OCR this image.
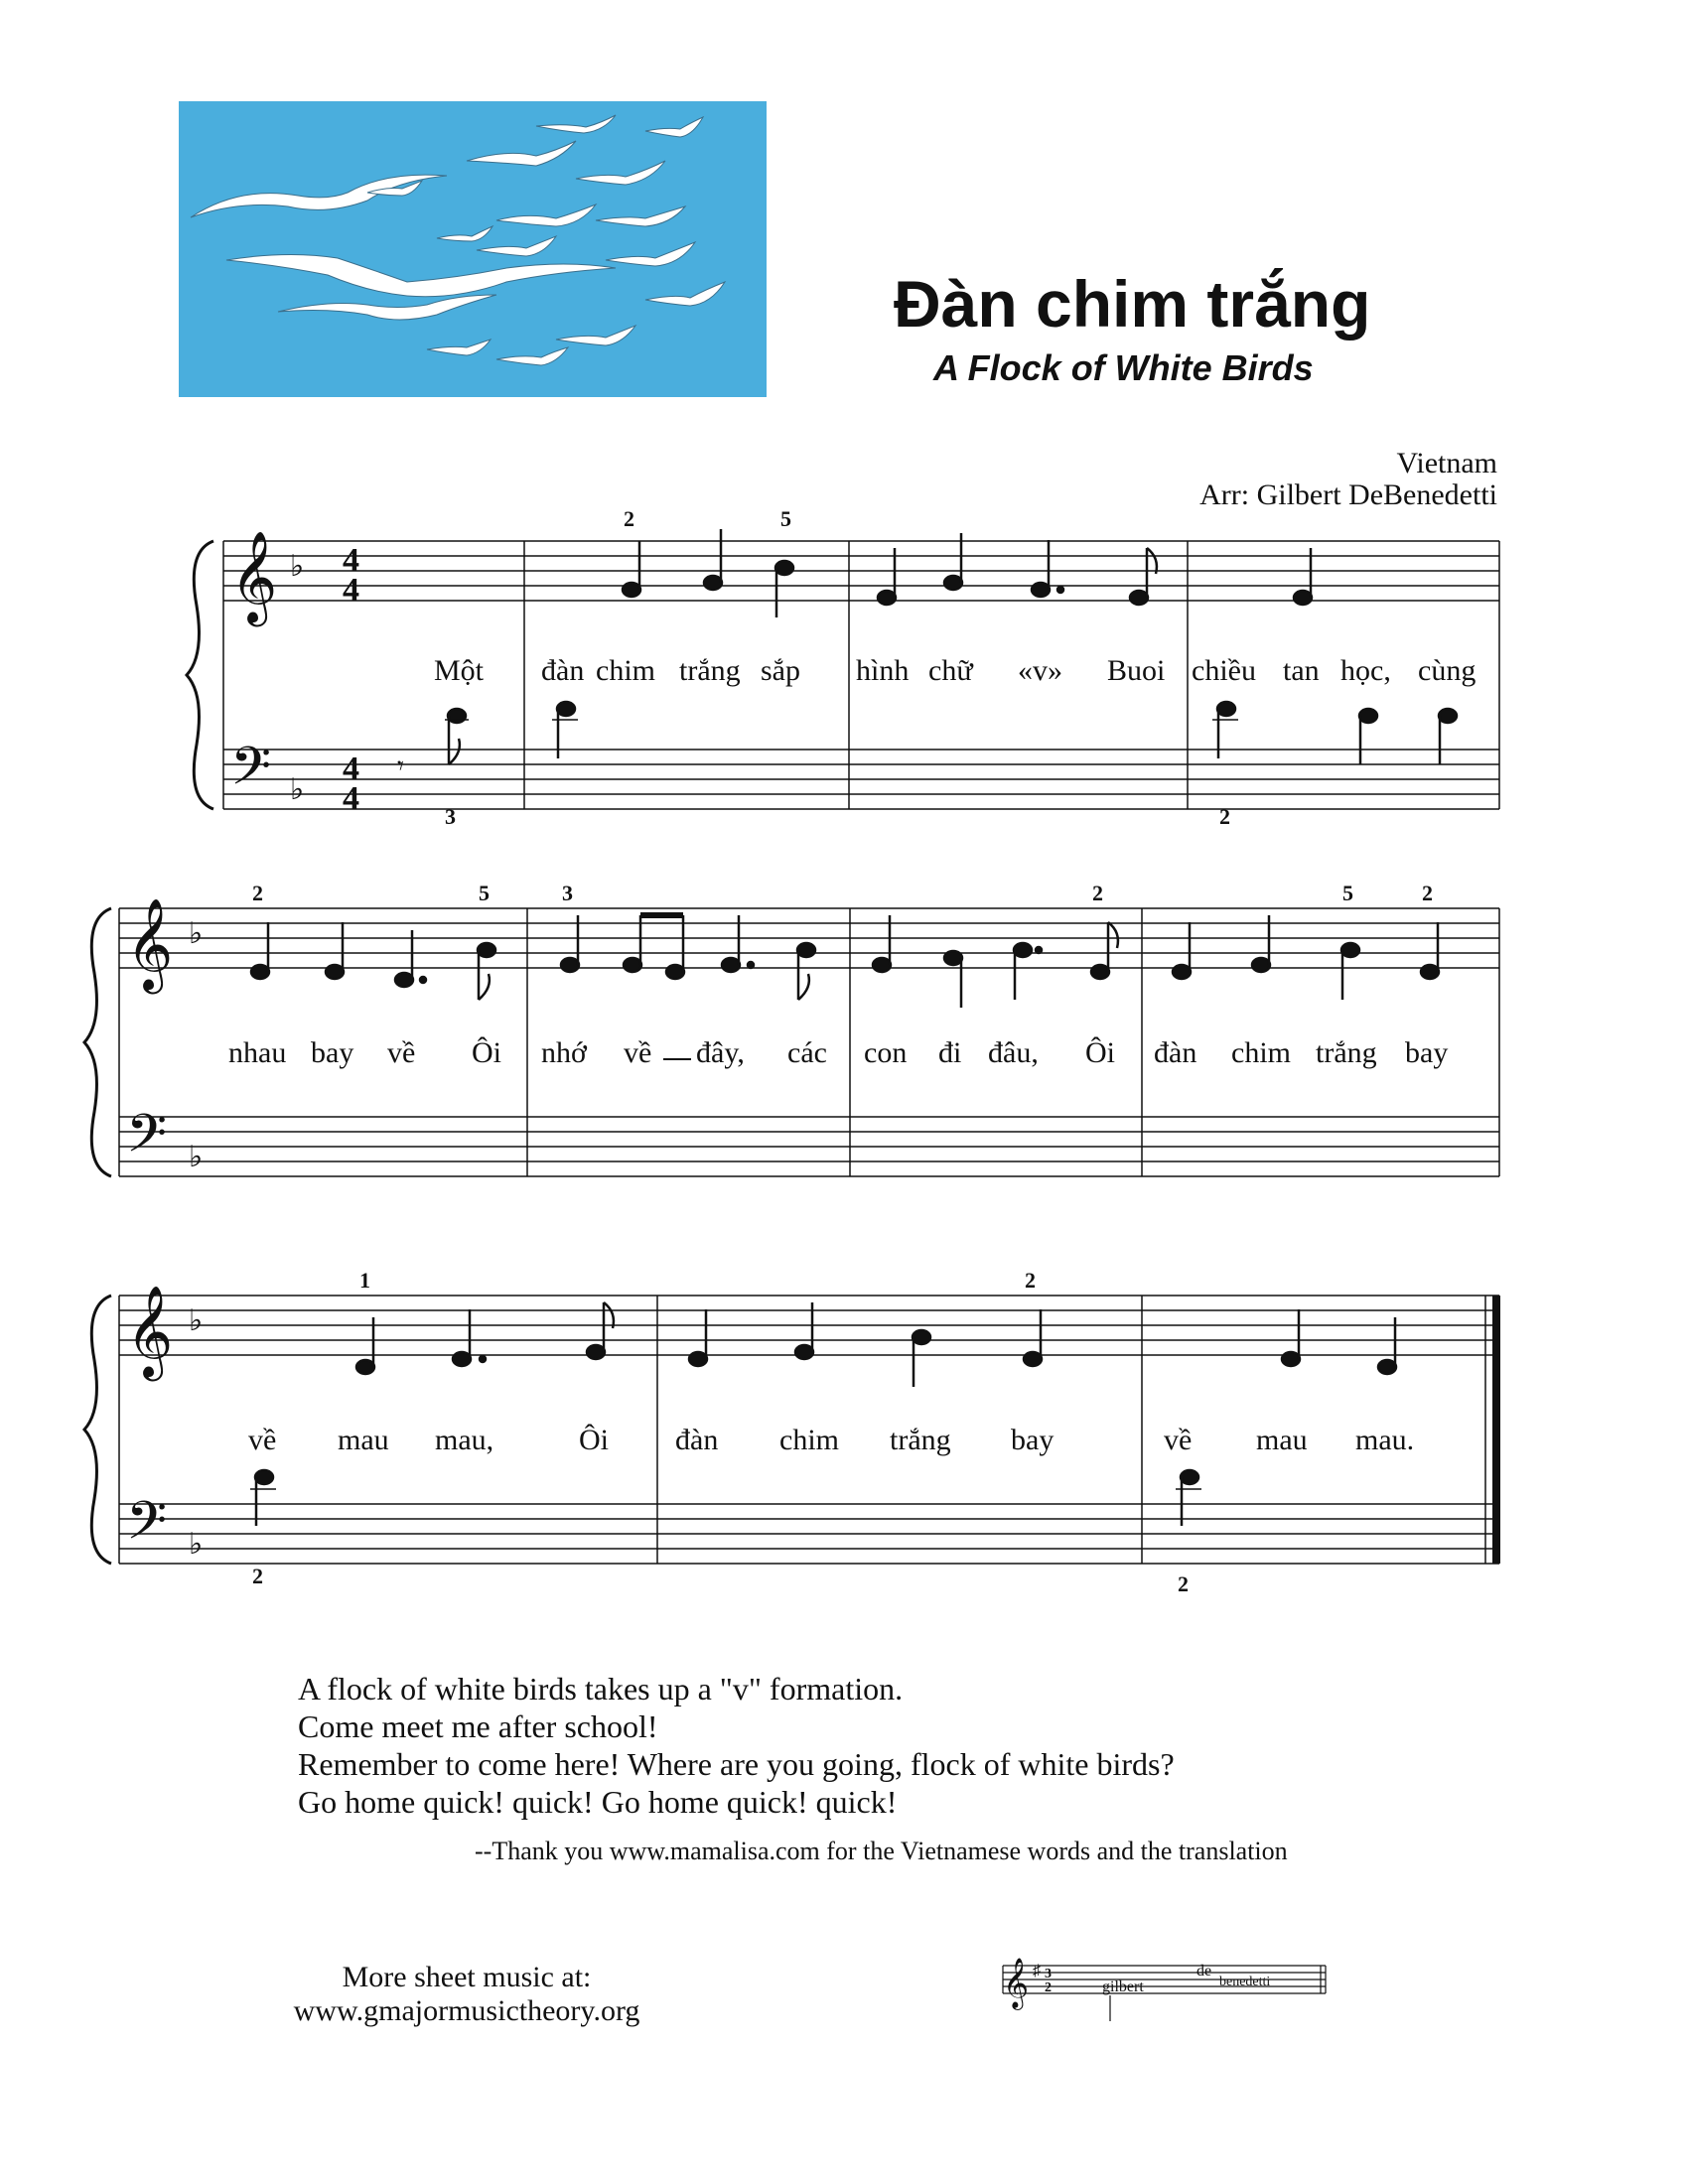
Đàn chim trắng
A Flock of White Birds
Vietnam
Arr: Gilbert DeBenedetti
𝄞
𝄢
♭
♭
4
4
4
4
𝄾
2	5
3	2
Một đàn chim trắng sắp hình chữ «v» Buoi chiều tan học, cùng
𝄞
𝄢
♭
♭
2	5	3	2	5	2
nhau bay về Ôi nhớ về đây, các con đi đâu, Ôi đàn chim trắng bay
𝄞
𝄢
♭
♭
1	2
2	2
về mau mau,	Ôi đàn chim trắng bay	về mau mau.
A flock of white birds takes up a "v" formation.
Come meet me after school!
Remember to come here! Where are you going, flock of white birds?
Go home quick! quick! Go home quick! quick!
--Thank you www.mamalisa.com for the Vietnamese words and the translation
More sheet music at:
www.gmajormusictheory.org
𝄞 ♯ 3
2	gilbert
de
benedetti
